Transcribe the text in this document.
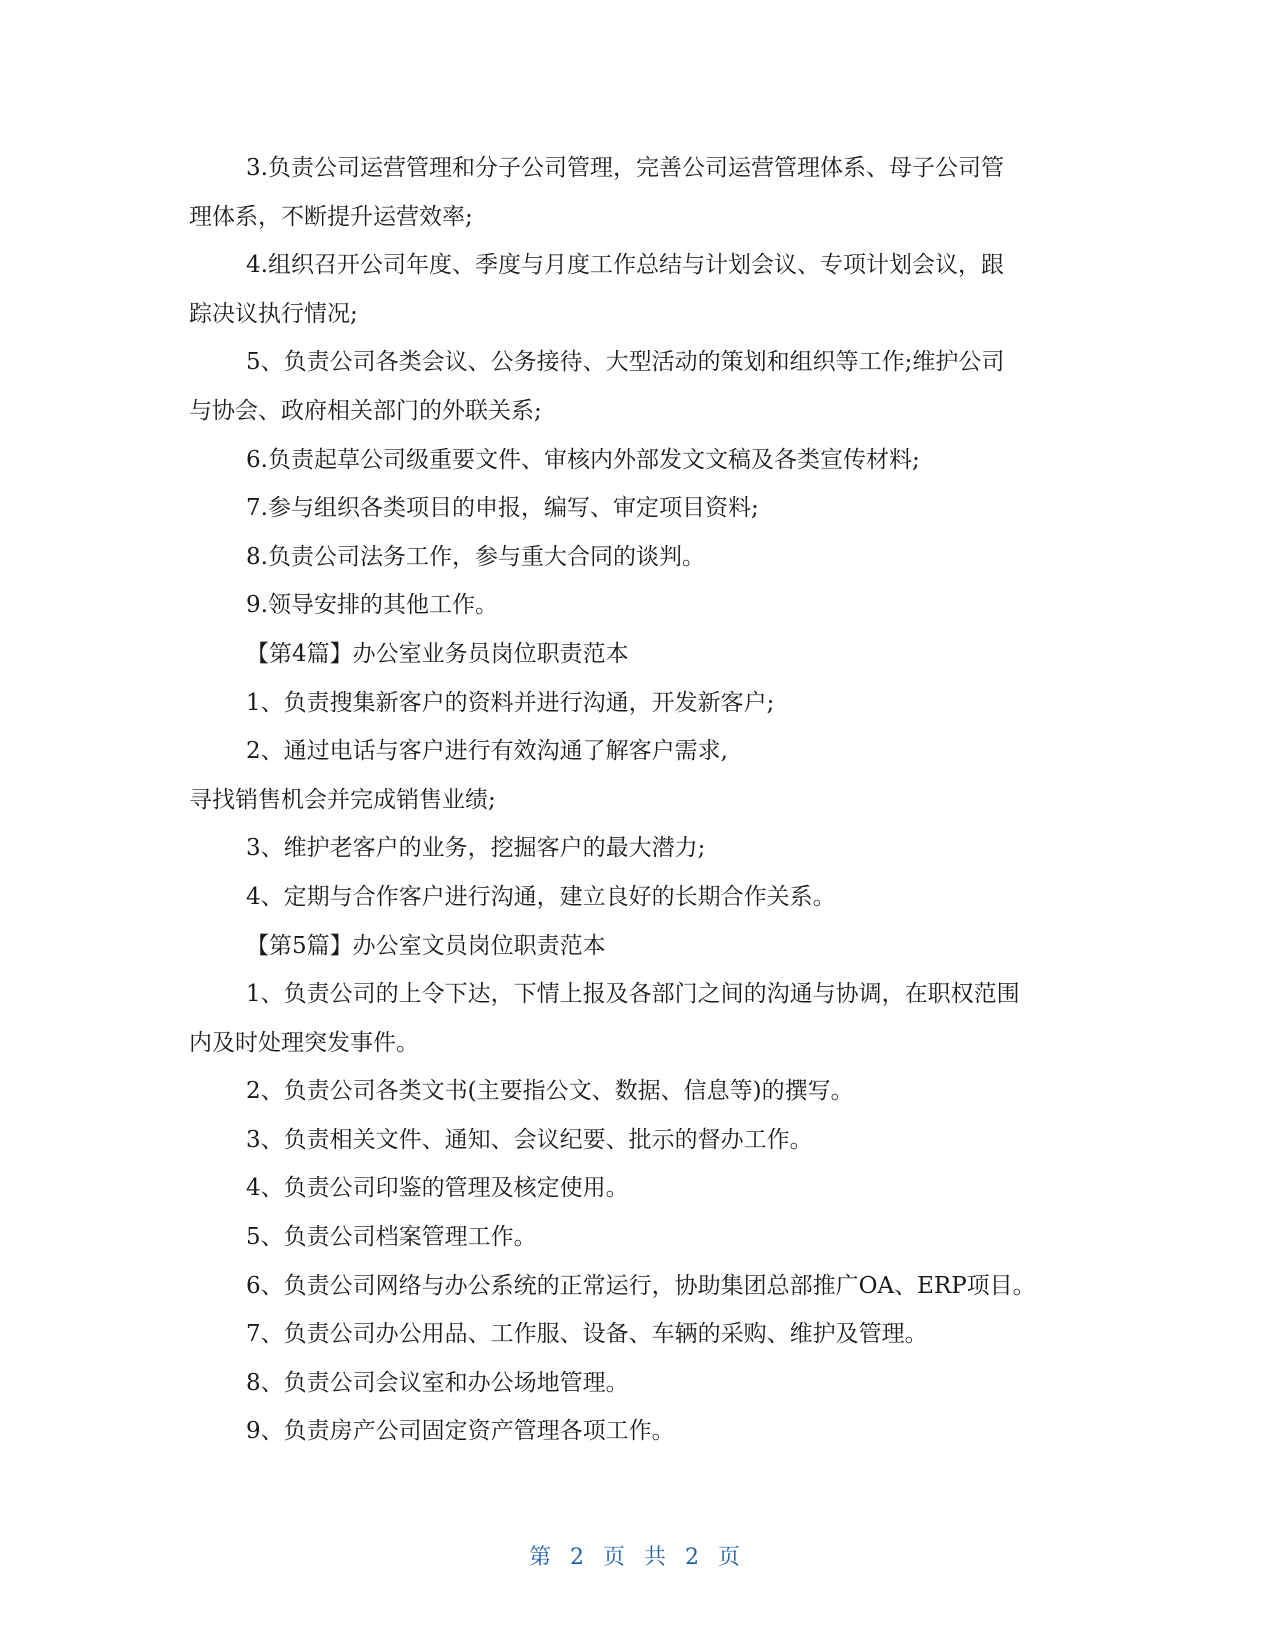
3.负责公司运营管理和分子公司管理，完善公司运营管理体系、母子公司管

理体系，不断提升运营效率;

4.组织召开公司年度、季度与月度工作总结与计划会议、专项计划会议，跟

踪决议执行情况;

5、负责公司各类会议、公务接待、大型活动的策划和组织等工作;维护公司

与协会、政府相关部门的外联关系;

6.负责起草公司级重要文件、审核内外部发文文稿及各类宣传材料;

7.参与组织各类项目的申报，编写、审定项目资料;

8.负责公司法务工作，参与重大合同的谈判。

9.领导安排的其他工作。

【第4篇】办公室业务员岗位职责范本

1、负责搜集新客户的资料并进行沟通，开发新客户;

2、通过电话与客户进行有效沟通了解客户需求,

寻找销售机会并完成销售业绩;

3、维护老客户的业务，挖掘客户的最大潜力;

4、定期与合作客户进行沟通，建立良好的长期合作关系。

【第5篇】办公室文员岗位职责范本

1、负责公司的上令下达，下情上报及各部门之间的沟通与协调，在职权范围

内及时处理突发事件。

2、负责公司各类文书(主要指公文、数据、信息等)的撰写。

3、负责相关文件、通知、会议纪要、批示的督办工作。

4、负责公司印鉴的管理及核定使用。

5、负责公司档案管理工作。

6、负责公司网络与办公系统的正常运行，协助集团总部推广OA、ERP项目。

7、负责公司办公用品、工作服、设备、车辆的采购、维护及管理。

8、负责公司会议室和办公场地管理。

9、负责房产公司固定资产管理各项工作。

第 2 页 共 2 页
